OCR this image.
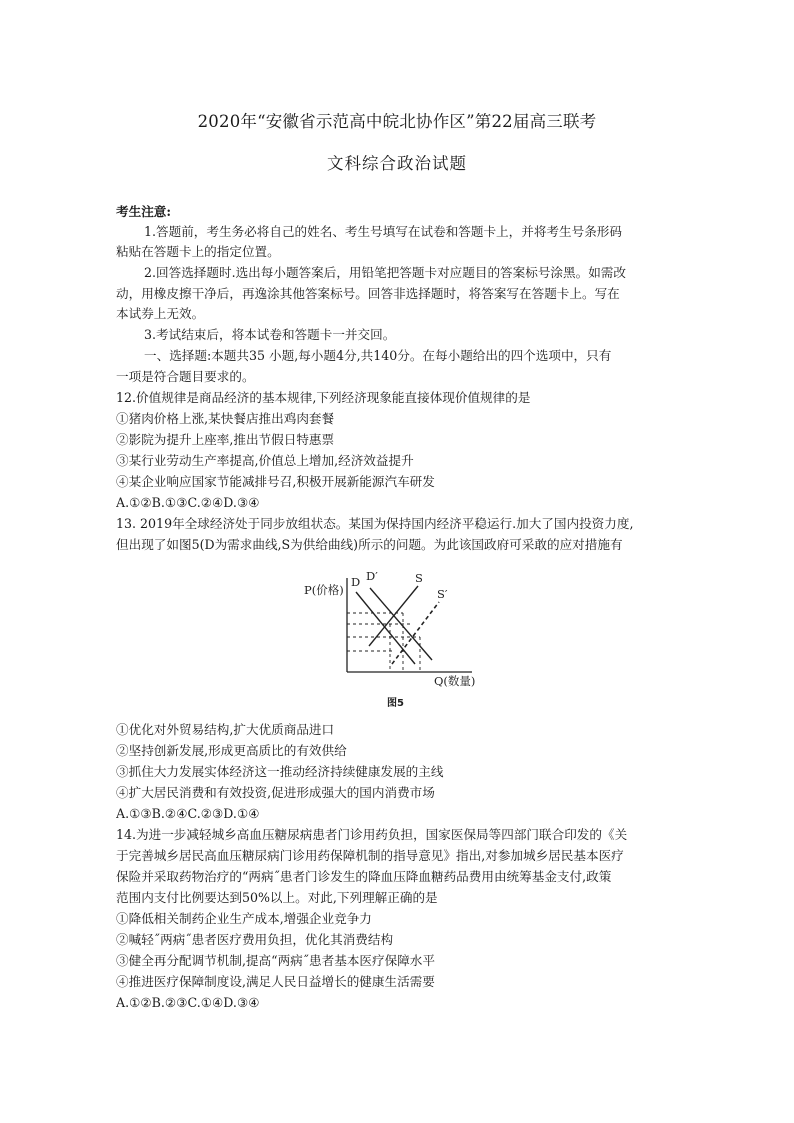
2020年“安徽省示范高中皖北协作区”第22届高三联考
文科综合政治试题
考生注意:
1.答题前，考生务必将自己的姓名、考生号填写在试卷和答题卡上，并将考生号条形码
粘贴在答题卡上的指定位置。
2.回答选择题时.选出每小题答案后，用铅笔把答题卡对应题目的答案标号涂黑。如需改
动，用橡皮擦干净后，再逸涂其他答案标号。回答非选择题时，将答案写在答题卡上。写在
本试券上无效。
3.考试结束后，将本试卷和答题卡一并交回。
一、选择题:本题共35 小题,每小题4分,共140分。在每小题给出的四个选项中，只有
一项是符合题目要求的。
12.价值规律是商品经济的基本规律,下列经济现象能直接体现价值规律的是
①猪肉价格上涨,某快餐店推出鸡肉套餐
②影院为提升上座率,推出节假日特惠票
③某行业劳动生产率提高,价值总上增加,经济效益提升
④某企业响应国家节能减排号召,积极开展新能源汽车研发
A.①②B.①③C.②④D.③④
13. 2019年全球经济处于同步放组状态。某国为保持国内经济平稳运行.加大了国内投资力度,
但出现了如图5(D为需求曲线,S为供给曲线)所示的问题。为此该国政府可采敢的应对措施有
P(价格)
Q(数量)
D D′	S
S′
图5
①优化对外贸易结构,扩大优质商品进口
②坚持创新发展,形成更高质比的有效供给
③抓住大力发展实体经济这一推动经济持续健康发展的主线
④扩大居民消费和有效投资,促进形成强大的国内消费市场
A.①③B.②④C.②③D.①④
14.为进一步减轻城乡高血压糖尿病患者门诊用药负担，国家医保局等四部门联合印发的《关
于完善城乡居民高血压糖尿病门诊用药保障机制的指导意见》指出,对参加城乡居民基本医疗
保险并采取药物治疗的“两病˝患者门诊发生的降血压降血糖药品费用由统筹基金支付,政策
范围内支付比例要达到50%以上。对此,下列理解正确的是
①降低相关制药企业生产成本,增强企业竞争力
②喊轻˝两病˝患者医疗费用负担，优化其消费结构
③健全再分配调节机制,提高“两病˝患者基本医疗保障水平
④推进医疗保障制度设,满足人民日益增长的健康生活需要
A.①②B.②③C.①④D.③④
